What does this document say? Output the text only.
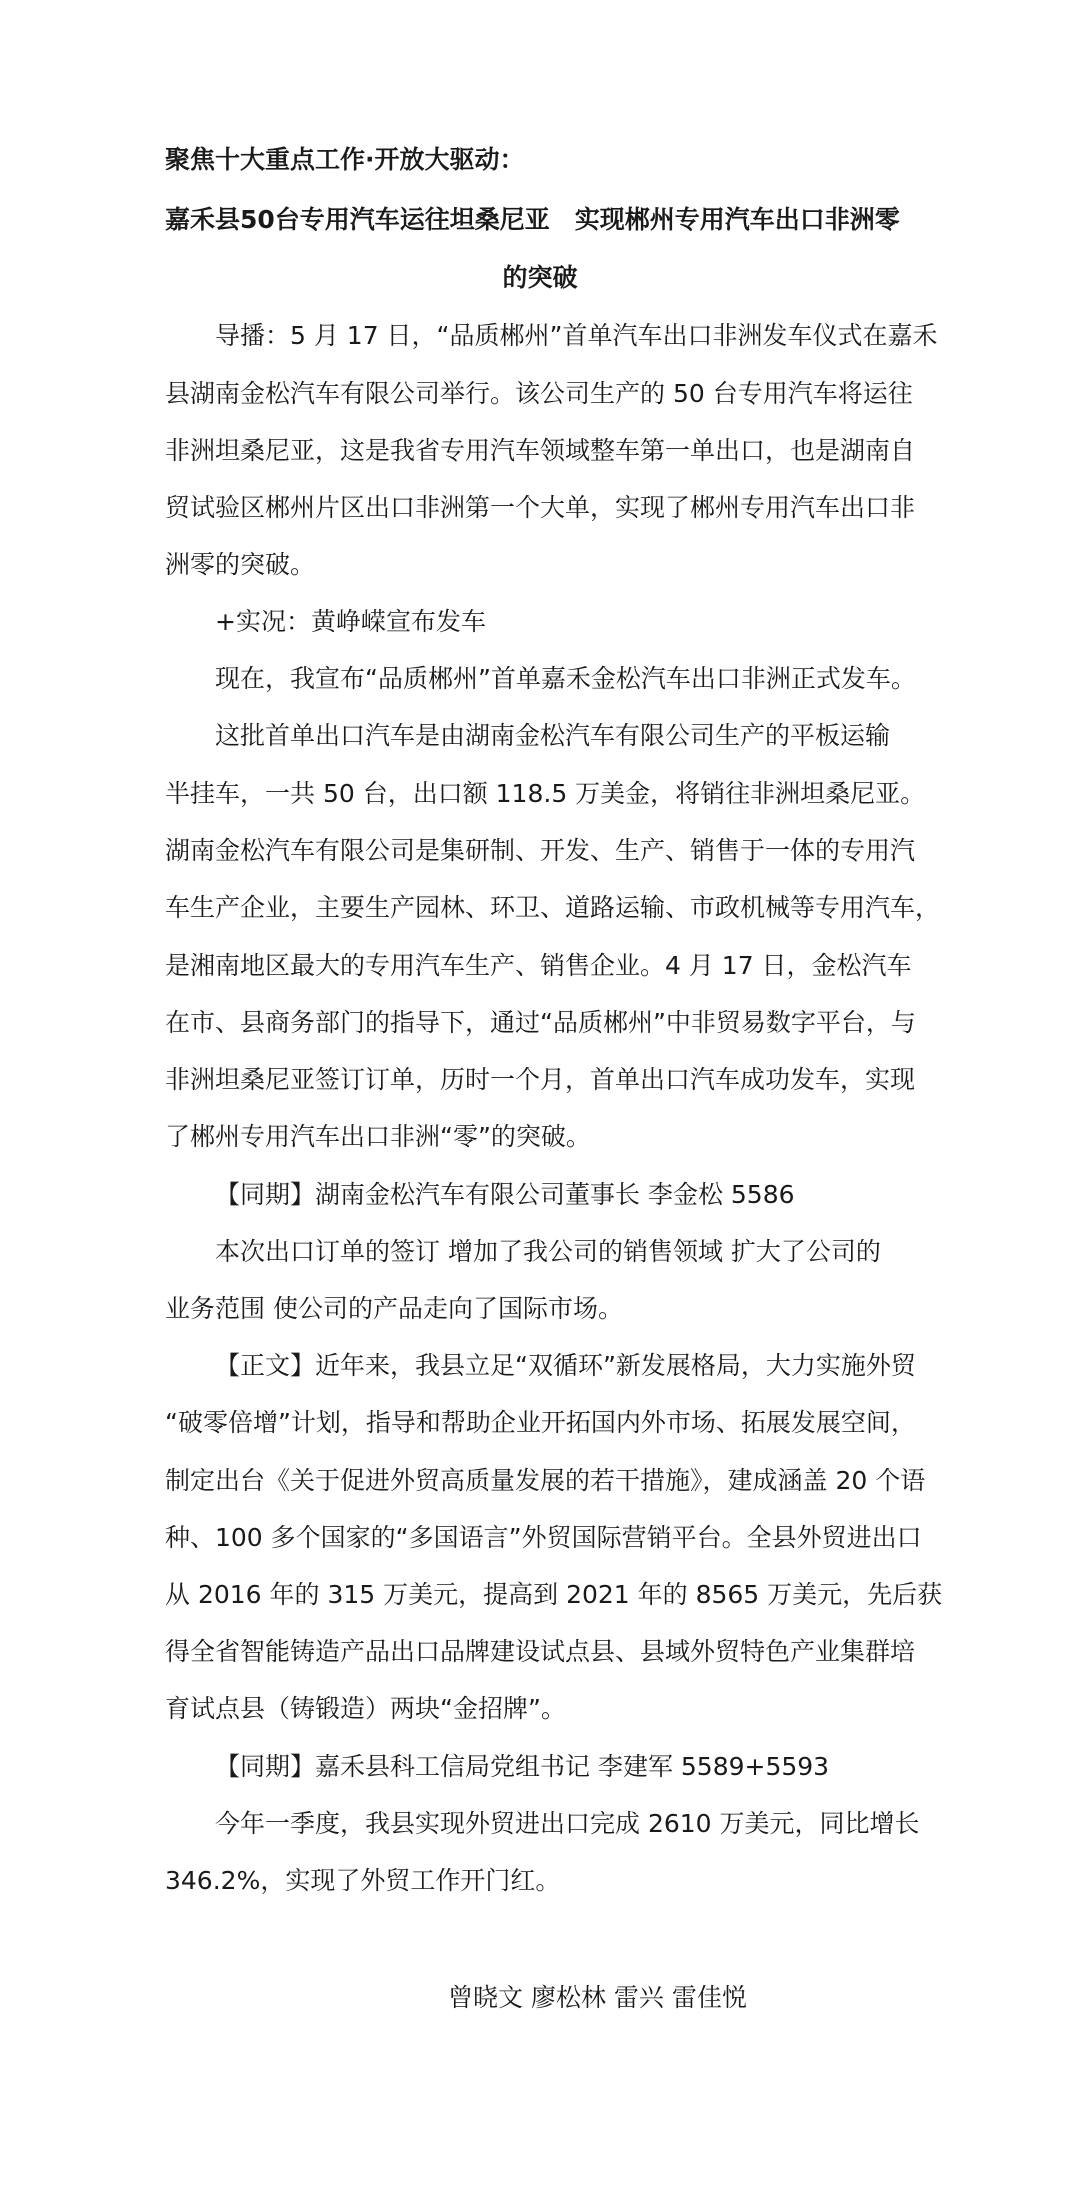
聚焦十大重点工作·开放大驱动：
嘉禾县50台专用汽车运往坦桑尼亚　实现郴州专用汽车出口非洲零
的突破
导播：5 月 17 日，“品质郴州”首单汽车出口非洲发车仪式在嘉禾
县湖南金松汽车有限公司举行。该公司生产的 50 台专用汽车将运往
非洲坦桑尼亚，这是我省专用汽车领域整车第一单出口，也是湖南自
贸试验区郴州片区出口非洲第一个大单，实现了郴州专用汽车出口非
洲零的突破。
+实况：黄峥嵘宣布发车
现在，我宣布“品质郴州”首单嘉禾金松汽车出口非洲正式发车。
这批首单出口汽车是由湖南金松汽车有限公司生产的平板运输
半挂车，一共 50 台，出口额 118.5 万美金，将销往非洲坦桑尼亚。
湖南金松汽车有限公司是集研制、开发、生产、销售于一体的专用汽
车生产企业，主要生产园林、环卫、道路运输、市政机械等专用汽车，
是湘南地区最大的专用汽车生产、销售企业。4 月 17 日，金松汽车
在市、县商务部门的指导下，通过“品质郴州”中非贸易数字平台，与
非洲坦桑尼亚签订订单，历时一个月，首单出口汽车成功发车，实现
了郴州专用汽车出口非洲“零”的突破。
【同期】湖南金松汽车有限公司董事长 李金松 5586
本次出口订单的签订 增加了我公司的销售领域 扩大了公司的
业务范围 使公司的产品走向了国际市场。
【正文】近年来，我县立足“双循环”新发展格局，大力实施外贸
“破零倍增”计划，指导和帮助企业开拓国内外市场、拓展发展空间，
制定出台《关于促进外贸高质量发展的若干措施》，建成涵盖 20 个语
种、100 多个国家的“多国语言”外贸国际营销平台。全县外贸进出口
从 2016 年的 315 万美元，提高到 2021 年的 8565 万美元，先后获
得全省智能铸造产品出口品牌建设试点县、县域外贸特色产业集群培
育试点县（铸锻造）两块“金招牌”。
【同期】嘉禾县科工信局党组书记 李建军 5589+5593
今年一季度，我县实现外贸进出口完成 2610 万美元，同比增长
346.2%，实现了外贸工作开门红。
曾晓文 廖松林 雷兴 雷佳悦
